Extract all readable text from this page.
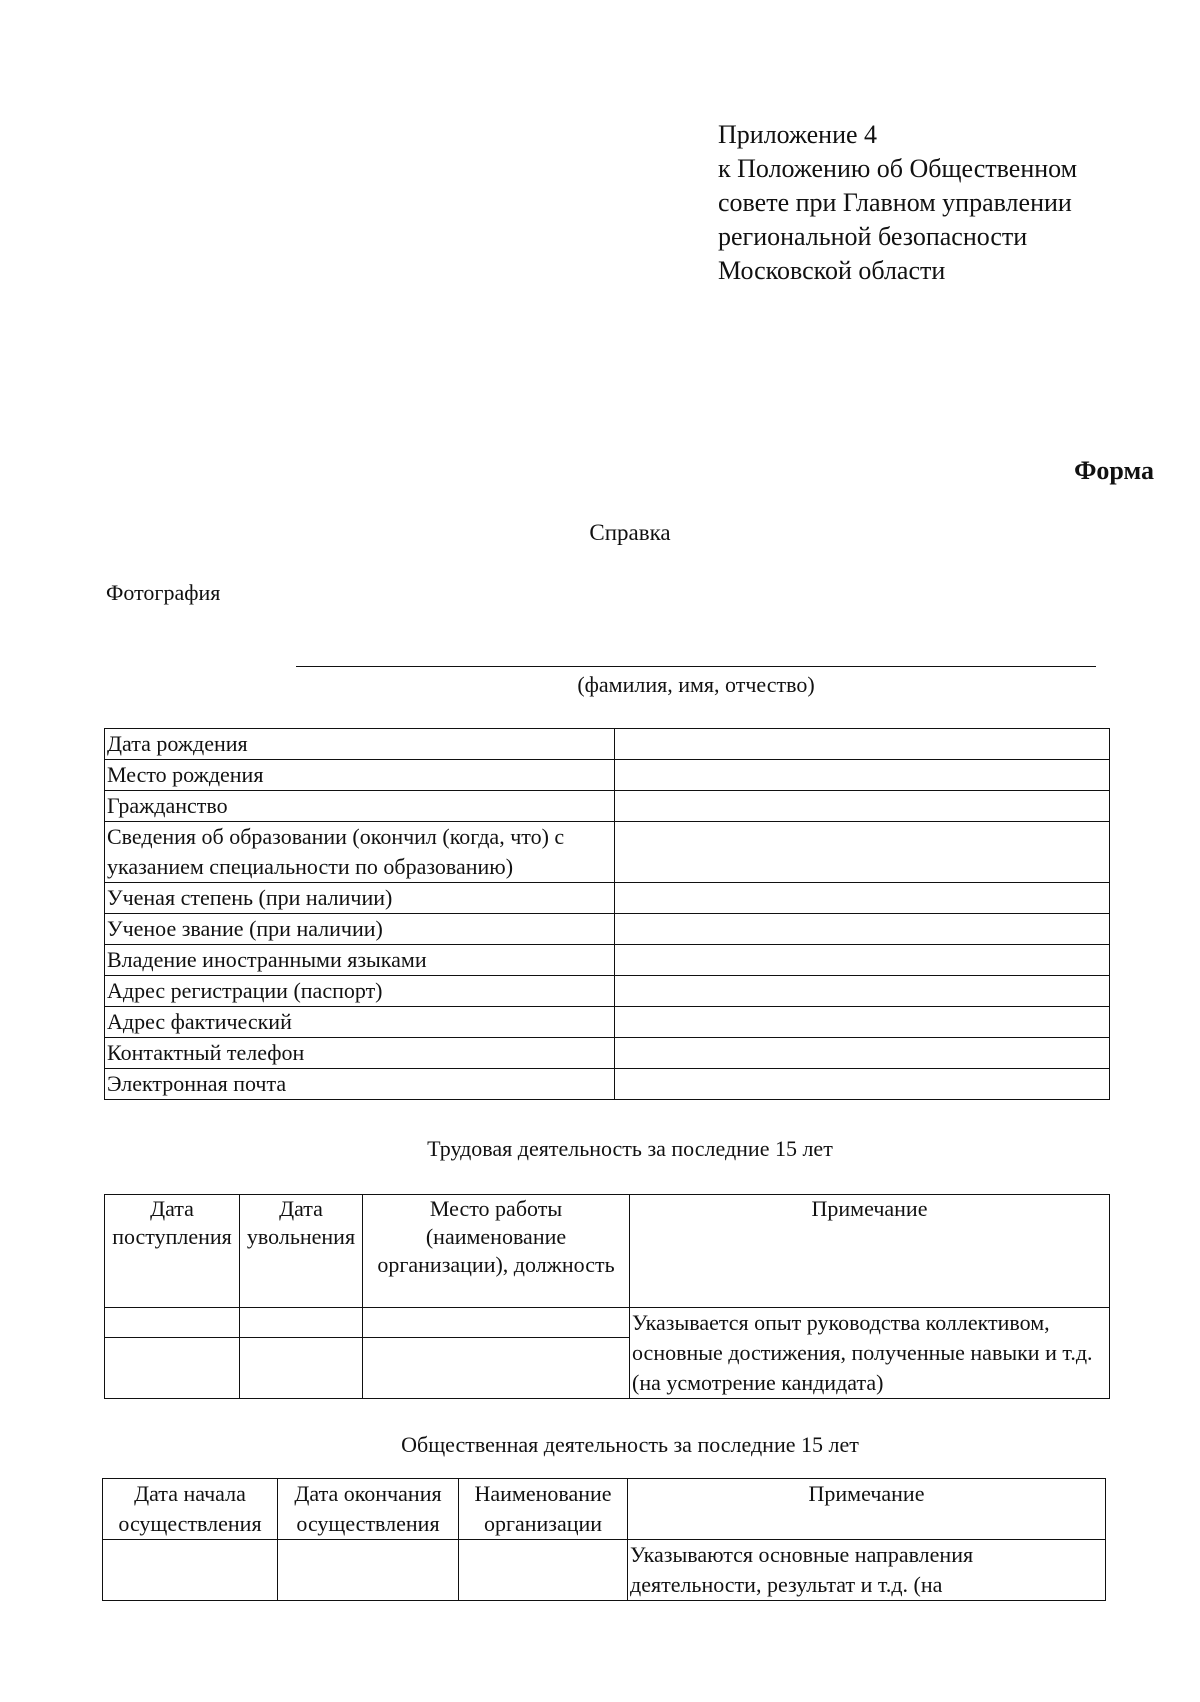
Приложение 4
к Положению об Общественном
совете при Главном управлении
региональной безопасности
Московской области
Форма
Справка
Фотография
(фамилия, имя, отчество)
Дата рождения	
Место рождения	
Гражданство	
Сведения об образовании (окончил (когда, что) с указанием специальности по образованию)	
Ученая степень (при наличии)	
Ученое звание (при наличии)	
Владение иностранными языками	
Адрес регистрации (паспорт)	
Адрес фактический	
Контактный телефон	
Электронная почта	
Трудовая деятельность за последние 15 лет
Дата поступления	Дата увольнения	Место работы (наименование организации), должность	Примечание
			Указывается опыт руководства коллективом, основные достижения, полученные навыки и т.д. (на усмотрение кандидата)

Общественная деятельность за последние 15 лет
Дата начала осуществления	Дата окончания осуществления	Наименование организации	Примечание
			Указываются основные направления деятельности, результат и т.д. (на
